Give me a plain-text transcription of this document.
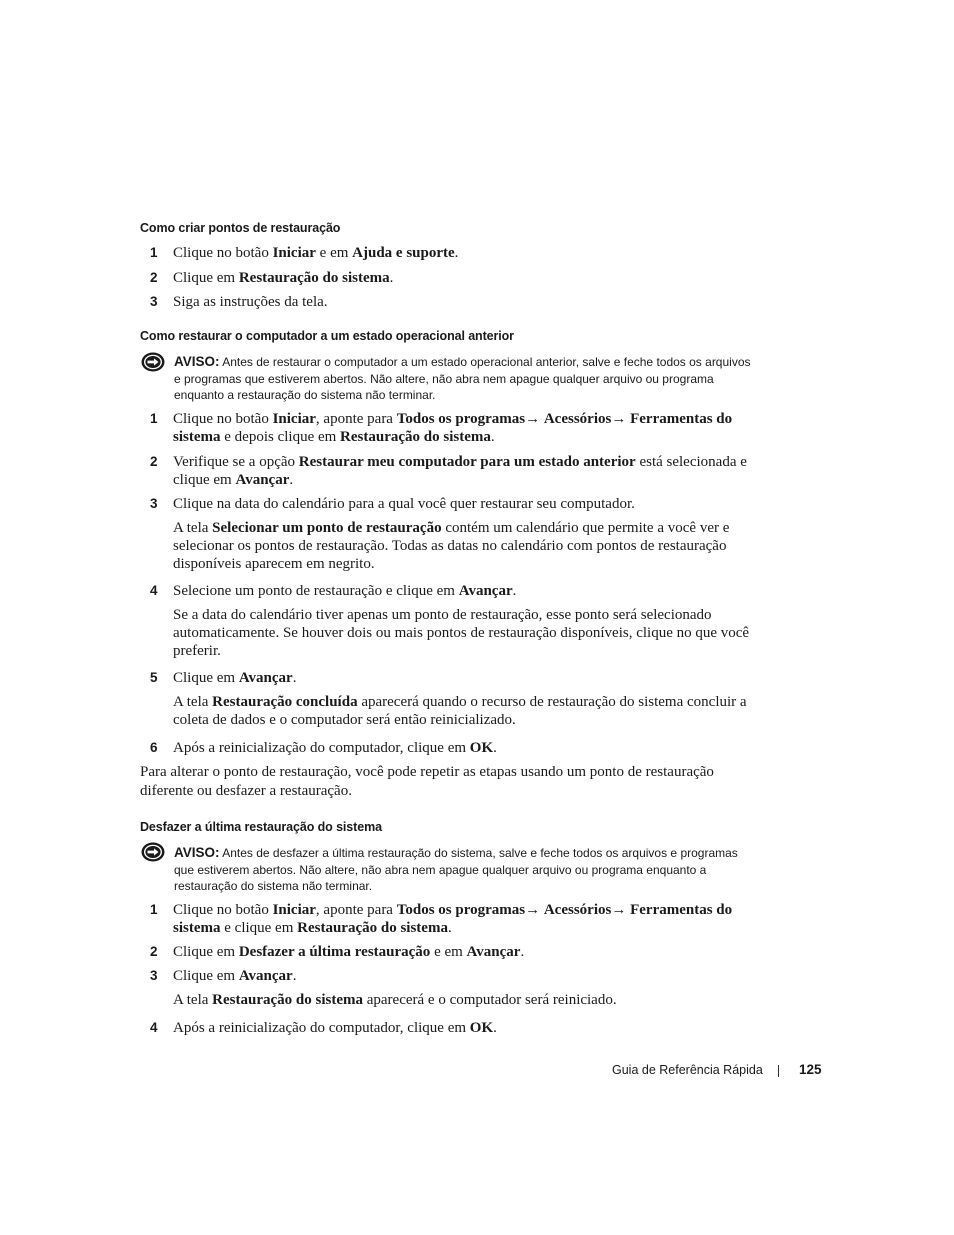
Como criar pontos de restauração
1 Clique no botão Iniciar e em Ajuda e suporte.
2 Clique em Restauração do sistema.
3 Siga as instruções da tela.
Como restaurar o computador a um estado operacional anterior
AVISO: Antes de restaurar o computador a um estado operacional anterior, salve e feche todos os arquivos e programas que estiverem abertos. Não altere, não abra nem apague qualquer arquivo ou programa enquanto a restauração do sistema não terminar.
1 Clique no botão Iniciar, aponte para Todos os programas→ Acessórios→ Ferramentas do sistema e depois clique em Restauração do sistema.
2 Verifique se a opção Restaurar meu computador para um estado anterior está selecionada e clique em Avançar.
3 Clique na data do calendário para a qual você quer restaurar seu computador.
A tela Selecionar um ponto de restauração contém um calendário que permite a você ver e selecionar os pontos de restauração. Todas as datas no calendário com pontos de restauração disponíveis aparecem em negrito.
4 Selecione um ponto de restauração e clique em Avançar.
Se a data do calendário tiver apenas um ponto de restauração, esse ponto será selecionado automaticamente. Se houver dois ou mais pontos de restauração disponíveis, clique no que você preferir.
5 Clique em Avançar.
A tela Restauração concluída aparecerá quando o recurso de restauração do sistema concluir a coleta de dados e o computador será então reinicializado.
6 Após a reinicialização do computador, clique em OK.
Para alterar o ponto de restauração, você pode repetir as etapas usando um ponto de restauração diferente ou desfazer a restauração.
Desfazer a última restauração do sistema
AVISO: Antes de desfazer a última restauração do sistema, salve e feche todos os arquivos e programas que estiverem abertos. Não altere, não abra nem apague qualquer arquivo ou programa enquanto a restauração do sistema não terminar.
1 Clique no botão Iniciar, aponte para Todos os programas→ Acessórios→ Ferramentas do sistema e clique em Restauração do sistema.
2 Clique em Desfazer a última restauração e em Avançar.
3 Clique em Avançar.
A tela Restauração do sistema aparecerá e o computador será reiniciado.
4 Após a reinicialização do computador, clique em OK.
Guia de Referência Rápida	125
